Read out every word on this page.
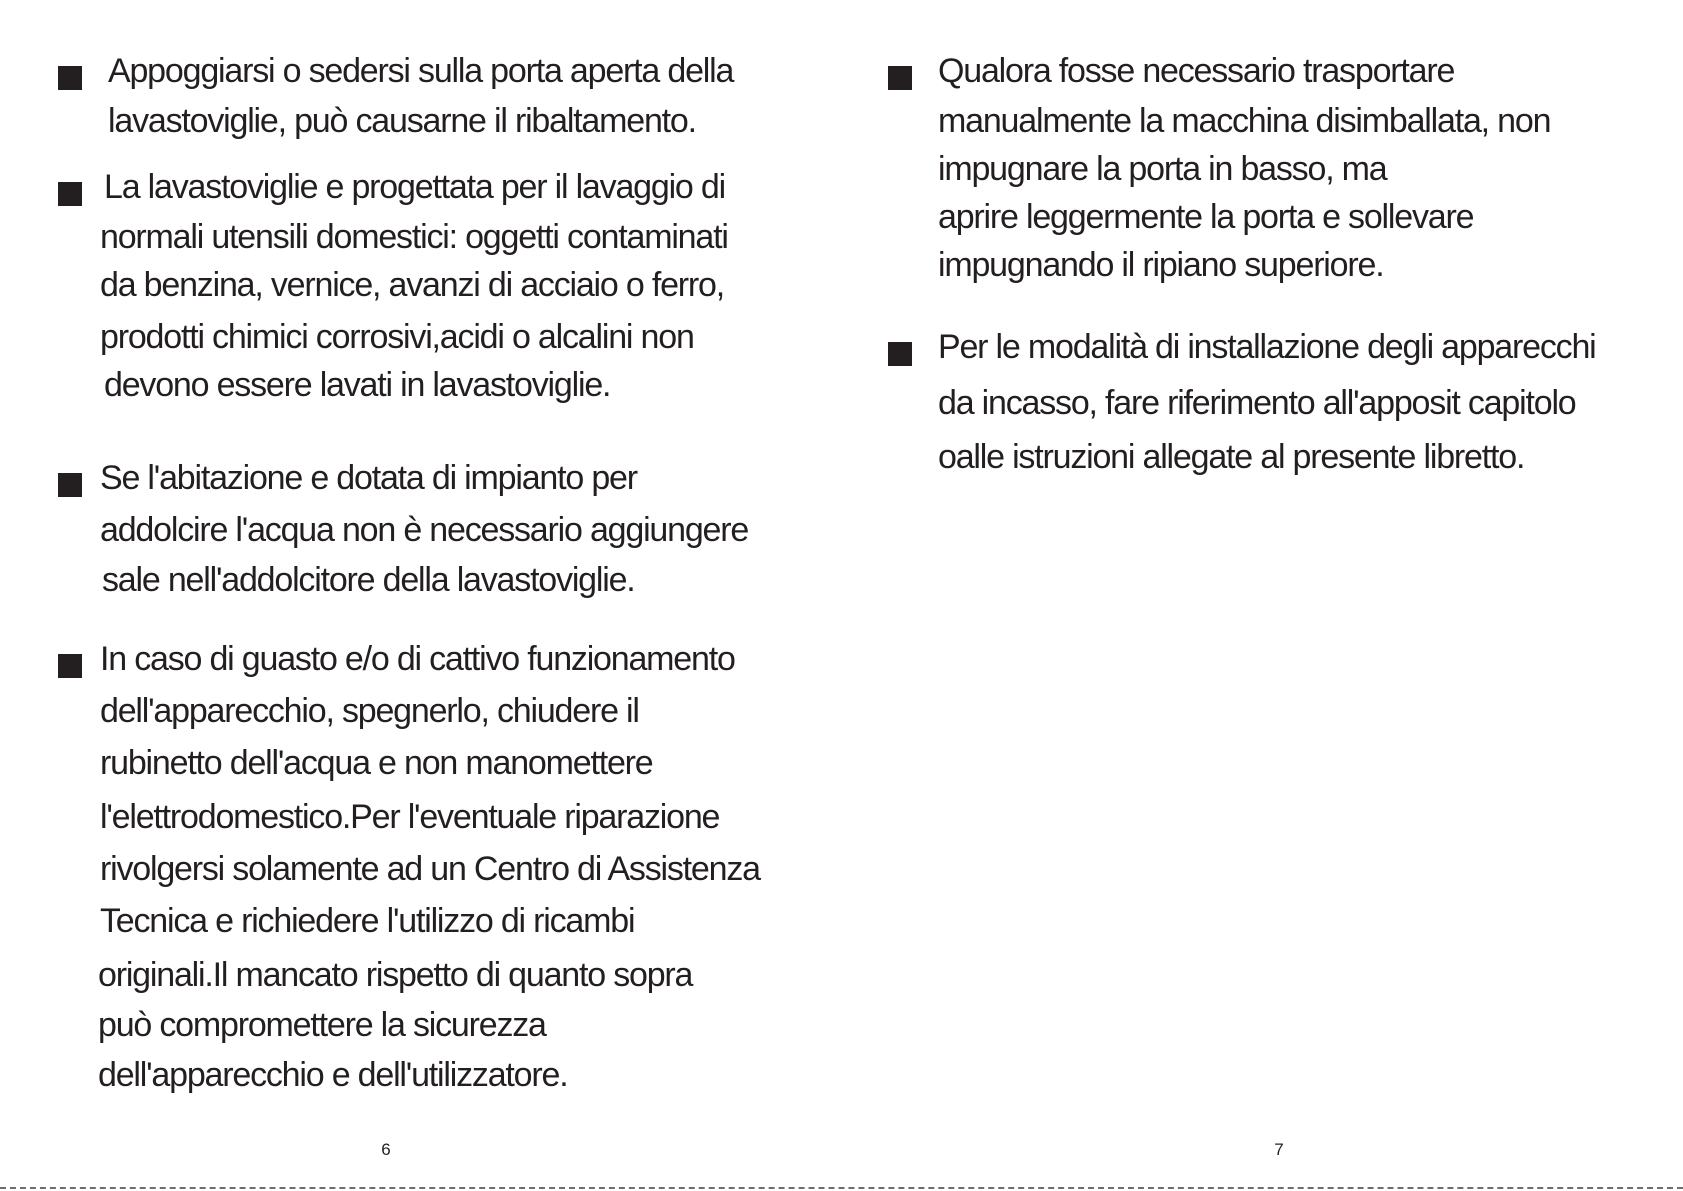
Appoggiarsi o sedersi sulla porta aperta della
lavastoviglie, può causarne il ribaltamento.
La lavastoviglie e progettata per il lavaggio di
normali utensili domestici: oggetti contaminati
da benzina, vernice, avanzi di acciaio o ferro,
prodotti chimici corrosivi,acidi o alcalini non
devono essere lavati in lavastoviglie.
Se l'abitazione e dotata di impianto per
addolcire l'acqua non è necessario aggiungere
sale nell'addolcitore della lavastoviglie.
In caso di guasto e/o di cattivo funzionamento
dell'apparecchio, spegnerlo, chiudere il
rubinetto dell'acqua e non manomettere
l'elettrodomestico.Per l'eventuale riparazione
rivolgersi solamente ad un Centro di Assistenza
Tecnica e richiedere l'utilizzo di ricambi
originali.Il mancato rispetto di quanto sopra
può compromettere la sicurezza
dell'apparecchio e dell'utilizzatore.
6
Qualora fosse necessario trasportare
manualmente la macchina disimballata, non
impugnare la porta in basso, ma
aprire leggermente la porta e sollevare
impugnando il ripiano superiore.
Per le modalità di installazione degli apparecchi
da incasso, fare riferimento all'apposit capitolo
oalle istruzioni allegate al presente libretto.
7
